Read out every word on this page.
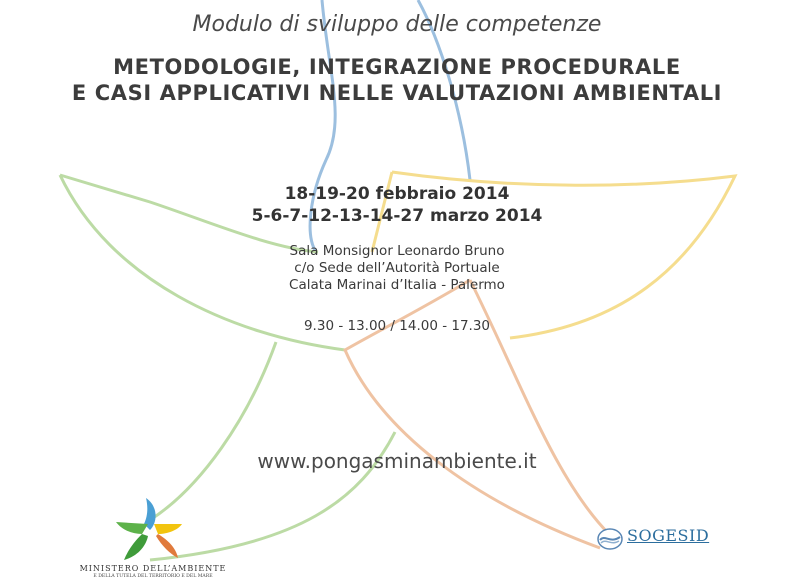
Modulo di sviluppo delle competenze
METODOLOGIE, INTEGRAZIONE PROCEDURALE
E CASI APPLICATIVI NELLE VALUTAZIONI AMBIENTALI

18-19-20 febbraio 2014

5-6-7-12-13-14-27 marzo 2014

Sala Monsignor Leonardo Bruno

c/o Sede dell’Autorità Portuale

Calata Marinai d’Italia - Palermo

9.30 - 13.00 / 14.00 - 17.30

www.pongasminambiente.it

MINISTERO DELL’AMBIENTE
E DELLA TUTELA DEL TERRITORIO E DEL MARE
SOGESID
